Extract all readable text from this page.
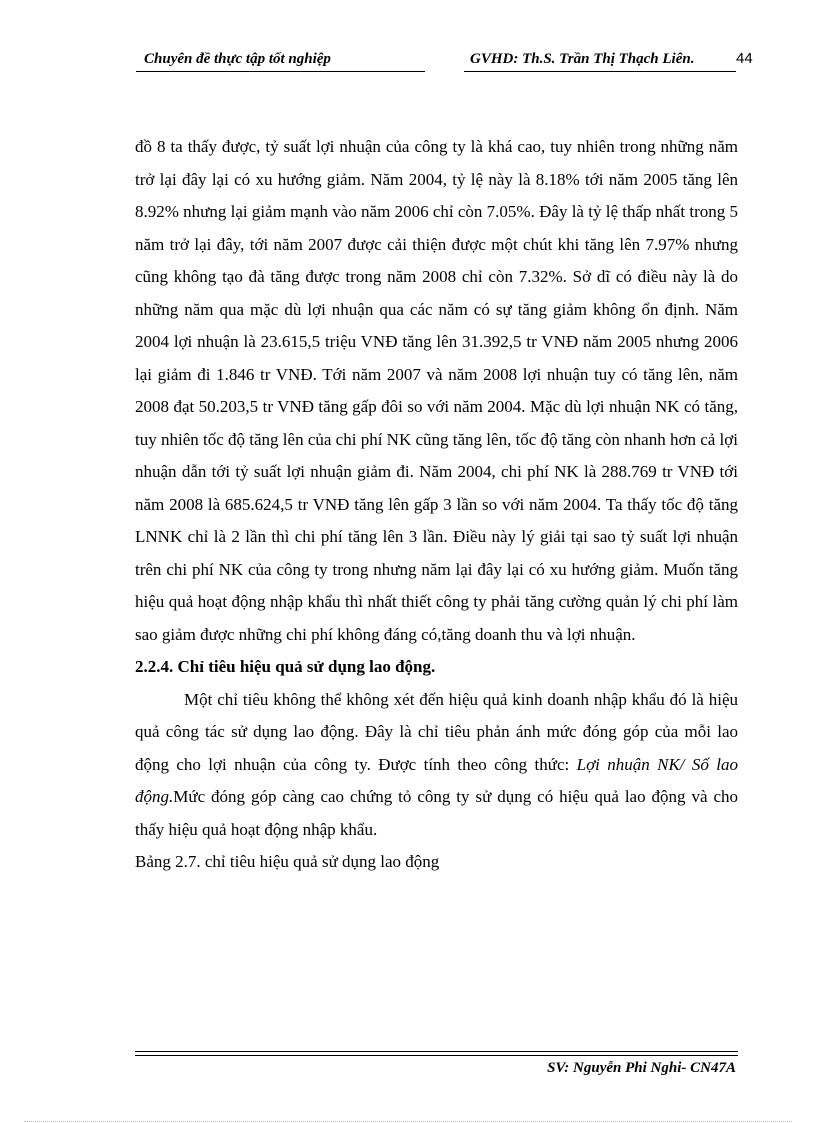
Chuyên đề thực tập tốt nghiệp	GVHD: Th.S. Trần Thị Thạch Liên.	44

đồ 8 ta thấy được, tỷ suất lợi nhuận của công ty là khá cao, tuy nhiên trong những năm trở lại đây lại có xu hướng giảm. Năm 2004, tỷ lệ này là 8.18% tới năm 2005 tăng lên 8.92% nhưng lại giảm mạnh vào năm 2006 chỉ còn 7.05%. Đây là tỷ lệ thấp nhất trong 5 năm trở lại đây, tới năm 2007 được cải thiện được một chút khi tăng lên 7.97% nhưng cũng không tạo đà tăng được trong năm 2008 chỉ còn 7.32%. Sở dĩ có điều này là do những năm qua mặc dù lợi nhuận qua các năm có sự tăng giảm không ổn định. Năm 2004 lợi nhuận là 23.615,5 triệu VNĐ tăng lên 31.392,5 tr VNĐ năm 2005 nhưng 2006 lại giảm đi 1.846 tr VNĐ. Tới năm 2007 và năm 2008 lợi nhuận tuy có tăng lên, năm 2008 đạt 50.203,5 tr VNĐ tăng gấp đôi so với năm 2004. Mặc dù lợi nhuận NK có tăng, tuy nhiên tốc độ tăng lên của chi phí NK cũng tăng lên, tốc độ tăng còn nhanh hơn cả lợi nhuận dẫn tới tỷ suất lợi nhuận giảm đi. Năm 2004, chi phí NK là 288.769 tr VNĐ tới năm 2008 là 685.624,5 tr VNĐ tăng lên gấp 3 lần so với năm 2004. Ta thấy tốc độ tăng LNNK chỉ là 2 lần thì chi phí tăng lên 3 lần. Điều này lý giải tại sao tỷ suất lợi nhuận trên chi phí NK của công ty trong nhưng năm lại đây lại có xu hướng giảm. Muốn tăng hiệu quả hoạt động nhập khẩu thì nhất thiết công ty phải tăng cường quản lý chi phí làm sao giảm được những chi phí không đáng có,tăng doanh thu và lợi nhuận.

2.2.4. Chỉ tiêu hiệu quả sử dụng lao động.

Một chỉ tiêu không thể không xét đến hiệu quả kinh doanh nhập khẩu đó là hiệu quả công tác sử dụng lao động. Đây là chỉ tiêu phản ánh mức đóng góp của mỗi lao động cho lợi nhuận của công ty. Được tính theo công thức: Lợi nhuận NK/ Số lao động.Mức đóng góp càng cao chứng tỏ công ty sử dụng có hiệu quả lao động và cho thấy hiệu quả hoạt động nhập khẩu.

Bảng 2.7. chỉ tiêu hiệu quả sử dụng lao động

SV: Nguyễn Phi Nghi- CN47A
